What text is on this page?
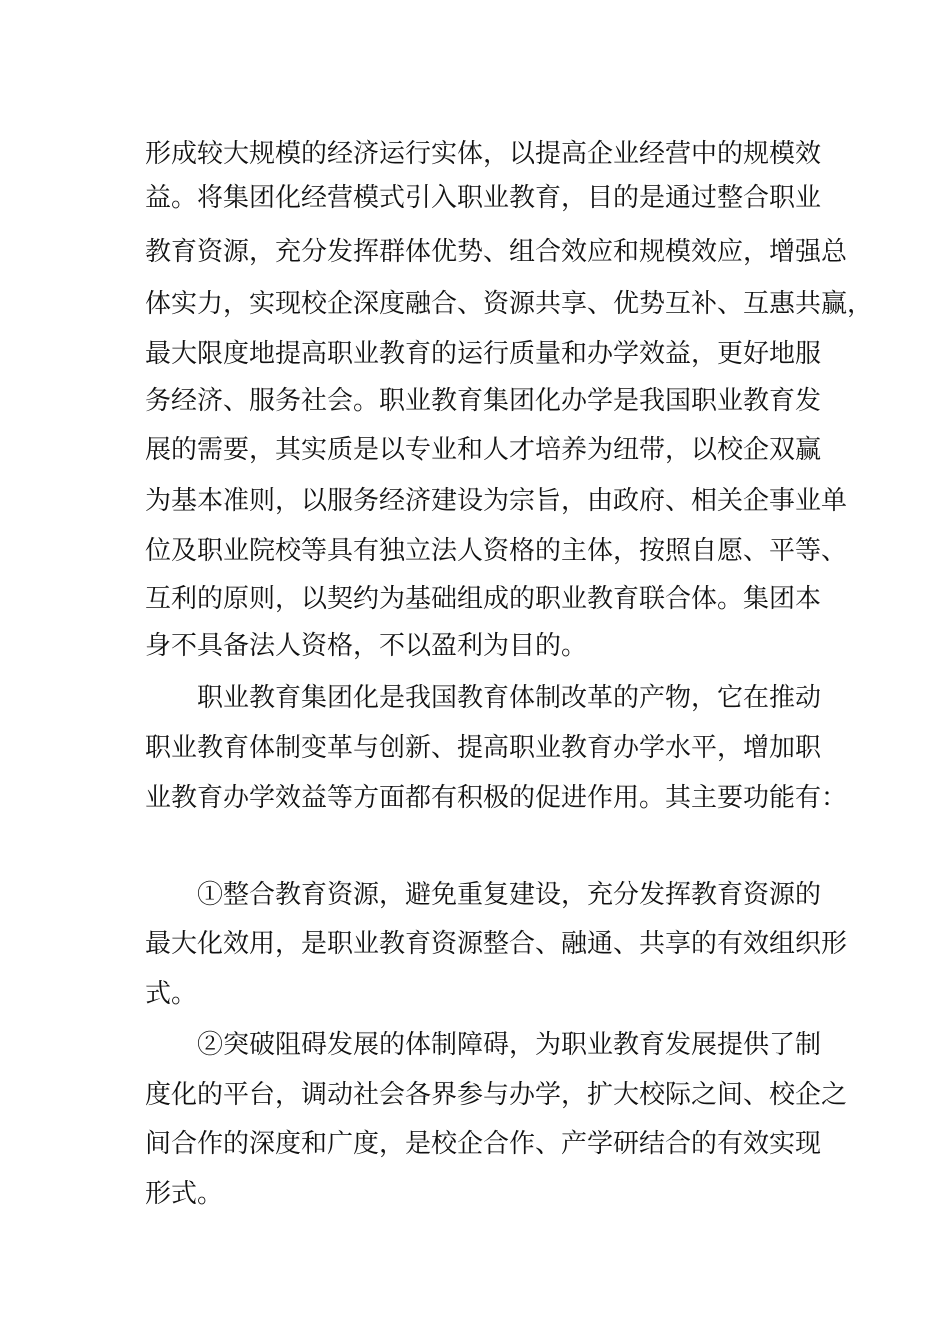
形成较大规模的经济运行实体，以提高企业经营中的规模效
益。将集团化经营模式引入职业教育，目的是通过整合职业
教育资源，充分发挥群体优势、组合效应和规模效应，增强总
体实力，实现校企深度融合、资源共享、优势互补、互惠共赢，
最大限度地提高职业教育的运行质量和办学效益，更好地服
务经济、服务社会。职业教育集团化办学是我国职业教育发
展的需要，其实质是以专业和人才培养为纽带，以校企双赢
为基本准则，以服务经济建设为宗旨，由政府、相关企事业单
位及职业院校等具有独立法人资格的主体，按照自愿、平等、
互利的原则，以契约为基础组成的职业教育联合体。集团本
身不具备法人资格，不以盈利为目的。
职业教育集团化是我国教育体制改革的产物，它在推动
职业教育体制变革与创新、提高职业教育办学水平，增加职
业教育办学效益等方面都有积极的促进作用。其主要功能有：
①整合教育资源，避免重复建设，充分发挥教育资源的
最大化效用，是职业教育资源整合、融通、共享的有效组织形
式。
②突破阻碍发展的体制障碍，为职业教育发展提供了制
度化的平台，调动社会各界参与办学，扩大校际之间、校企之
间合作的深度和广度，是校企合作、产学研结合的有效实现
形式。
